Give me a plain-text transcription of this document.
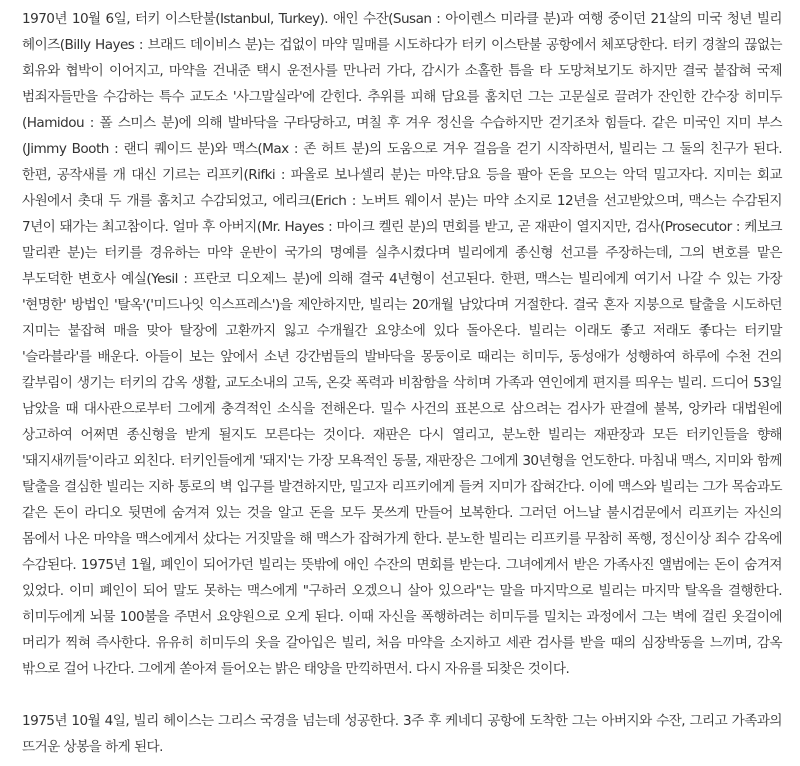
1970년 10월 6일, 터키 이스탄불(Istanbul, Turkey). 애인 수잔(Susan : 아이렌스 미라클 분)과 여행 중이던 21살의 미국 청년 빌리 헤이즈(Billy Hayes : 브래드 데이비스 분)는 겁없이 마약 밀매를 시도하다가 터키 이스탄불 공항에서 체포당한다. 터키 경찰의 끊없는 회유와 협박이 이어지고, 마약을 건내준 택시 운전사를 만나러 가다, 감시가 소홀한 틈을 타 도망쳐보기도 하지만 결국 붙잡혀 국제 범죄자들만을 수감하는 특수 교도소 '사그말실라'에 갇힌다. 추위를 피해 담요를 훔치던 그는 고문실로 끌려가 잔인한 간수장 히미두(Hamidou : 폴 스미스 분)에 의해 발바닥을 구타당하고, 며칠 후 겨우 정신을 수습하지만 걷기조차 힘들다. 같은 미국인 지미 부스(Jimmy Booth : 랜디 퀘이드 분)와 맥스(Max : 존 허트 분)의 도움으로 겨우 걸음을 걷기 시작하면서, 빌리는 그 둘의 친구가 된다. 한편, 공작새를 개 대신 기르는 리프키(Rifki : 파올로 보나셀리 분)는 마약.담요 등을 팔아 돈을 모으는 악덕 밀고자다. 지미는 회교 사원에서 촛대 두 개를 훔치고 수감되었고, 에리크(Erich : 노버트 웨이서 분)는 마약 소지로 12년을 선고받았으며, 맥스는 수감된지 7년이 돼가는 최고참이다. 얼마 후 아버지(Mr. Hayes : 마이크 켈린 분)의 면회를 받고, 곧 재판이 열지지만, 검사(Prosecutor : 케보크 말리콴 분)는 터키를 경유하는 마약 운반이 국가의 명예를 실추시켰다며 빌리에게 종신형 선고를 주장하는데, 그의 변호를 맡은 부도덕한 변호사 예실(Yesil : 프란코 디오제느 분)에 의해 결국 4년형이 선고된다. 한편, 맥스는 빌리에게 여기서 나갈 수 있는 가장 '현명한' 방법인 '탈옥'('미드나잇 익스프레스')을 제안하지만, 빌리는 20개월 남았다며 거절한다. 결국 혼자 지붕으로 탈출을 시도하던 지미는 붙잡혀 매을 맞아 탈장에 고환까지 잃고 수개월간 요양소에 있다 돌아온다. 빌리는 이래도 좋고 저래도 좋다는 터키말 '슬라블라'를 배운다. 아들이 보는 앞에서 소년 강간범들의 발바닥을 몽둥이로 때리는 히미두, 동성애가 성행하여 하루에 수천 건의 칼부림이 생기는 터키의 감옥 생활, 교도소내의 고독, 온갖 폭력과 비참함을 삭히며 가족과 연인에게 편지를 띄우는 빌리. 드디어 53일 남았을 때 대사관으로부터 그에게 충격적인 소식을 전해온다. 밀수 사건의 표본으로 삼으려는 검사가 판결에 불복, 앙카라 대법원에 상고하여 어쩌면 종신형을 받게 될지도 모른다는 것이다. 재판은 다시 열리고, 분노한 빌리는 재판장과 모든 터키인들을 향해 '돼지새끼들'이라고 외친다. 터키인들에게 '돼지'는 가장 모욕적인 동물, 재판장은 그에게 30년형을 언도한다. 마침내 맥스, 지미와 함께 탈출을 결심한 빌리는 지하 통로의 벽 입구를 발견하지만, 밀고자 리프키에게 들켜 지미가 잡혀간다. 이에 맥스와 빌리는 그가 목숨과도 같은 돈이 라디오 뒷면에 숨겨져 있는 것을 알고 돈을 모두 못쓰게 만들어 보복한다. 그러던 어느날 불시검문에서 리프키는 자신의 몸에서 나온 마약을 맥스에게서 샀다는 거짓말을 해 맥스가 잡혀가게 한다. 분노한 빌리는 리프키를 무참히 폭행, 정신이상 죄수 감옥에 수감된다. 1975년 1월, 폐인이 되어가던 빌리는 뜻밖에 애인 수잔의 면회를 받는다. 그녀에게서 받은 가족사진 앨범에는 돈이 숨겨져 있었다. 이미 폐인이 되어 말도 못하는 맥스에게 "구하러 오겠으니 살아 있으라"는 말을 마지막으로 빌리는 마지막 탈옥을 결행한다. 히미두에게 뇌물 100불을 주면서 요양원으로 오게 된다. 이때 자신을 폭행하려는 히미두를 밀치는 과정에서 그는 벽에 걸린 옷걸이에 머리가 찍혀 즉사한다. 유유히 히미두의 옷을 갈아입은 빌리, 처음 마약을 소지하고 세관 검사를 받을 때의 심장박동을 느끼며, 감옥 밖으로 걸어 나간다. 그에게 쏟아져 들어오는 밝은 태양을 만끽하면서. 다시 자유를 되찾은 것이다.

1975년 10월 4일, 빌리 헤이스는 그리스 국경을 넘는데 성공한다. 3주 후 케네디 공항에 도착한 그는 아버지와 수잔, 그리고 가족과의 뜨거운 상봉을 하게 된다.
